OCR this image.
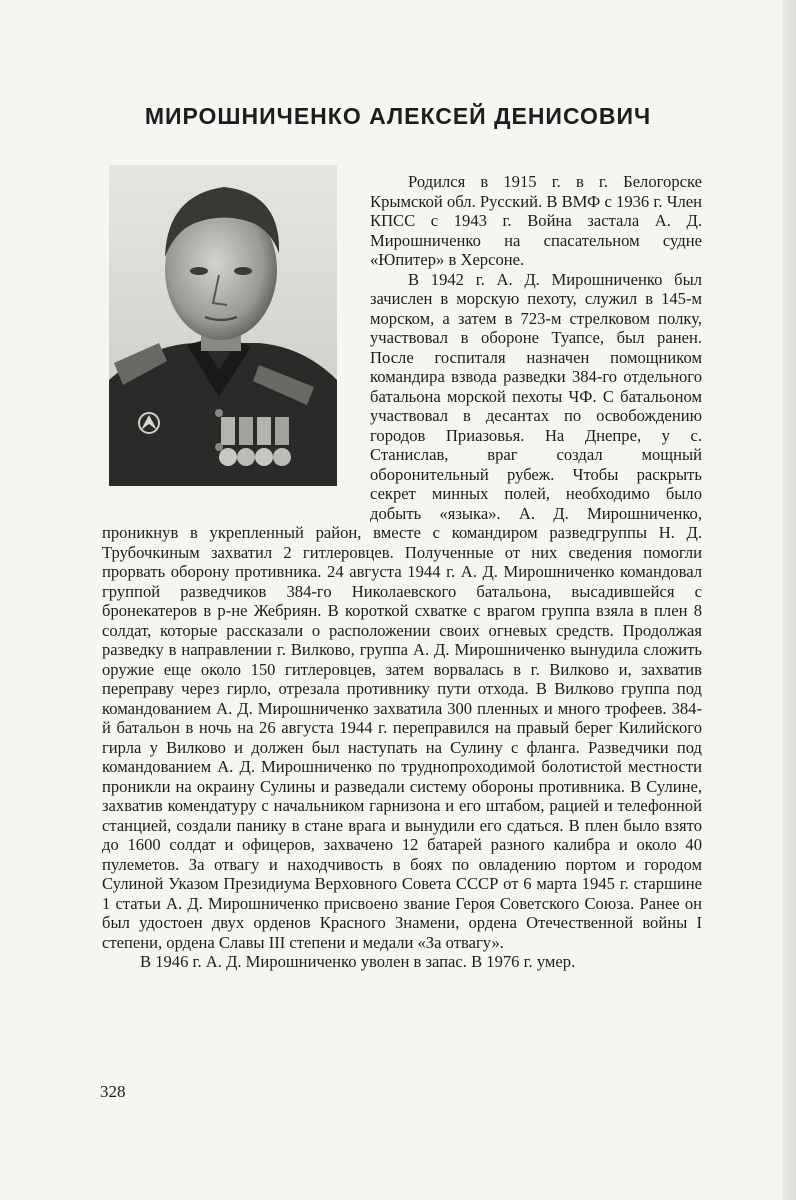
МИРОШНИЧЕНКО АЛЕКСЕЙ ДЕНИСОВИЧ

Родился в 1915 г. в г. Белогорске Крымской обл. Русский. В ВМФ с 1936 г. Член КПСС с 1943 г. Война застала А. Д. Мирошниченко на спасательном судне «Юпитер» в Херсоне.

В 1942 г. А. Д. Мирошниченко был зачислен в морскую пехоту, служил в 145-м морском, а затем в 723-м стрелковом полку, участвовал в обороне Туапсе, был ранен. После госпиталя назначен помощником командира взвода разведки 384-го отдельного батальона морской пехоты ЧФ. С батальоном участвовал в десантах по освобождению городов Приазовья. На Днепре, у с. Станислав, враг создал мощный оборонительный рубеж. Чтобы раскрыть секрет минных полей, необходимо было добыть «языка». А. Д. Мирошниченко, проникнув в укрепленный район, вместе с командиром разведгруппы Н. Д. Трубочкиным захватил 2 гитлеровцев. Полученные от них сведения помогли прорвать оборону противника. 24 августа 1944 г. А. Д. Мирошниченко командовал группой разведчиков 384-го Николаевского батальона, высадившейся с бронекатеров в р-не Жебриян. В короткой схватке с врагом группа взяла в плен 8 солдат, которые рассказали о расположении своих огневых средств. Продолжая разведку в направлении г. Вилково, группа А. Д. Мирошниченко вынудила сложить оружие еще около 150 гитлеровцев, затем ворвалась в г. Вилково и, захватив переправу через гирло, отрезала противнику пути отхода. В Вилково группа под командованием А. Д. Мирошниченко захватила 300 пленных и много трофеев. 384-й батальон в ночь на 26 августа 1944 г. переправился на правый берег Килийского гирла у Вилково и должен был наступать на Сулину с фланга. Разведчики под командованием А. Д. Мирошниченко по труднопроходимой болотистой местности проникли на окраину Сулины и разведали систему обороны противника. В Сулине, захватив комендатуру с начальником гарнизона и его штабом, рацией и телефонной станцией, создали панику в стане врага и вынудили его сдаться. В плен было взято до 1600 солдат и офицеров, захвачено 12 батарей разного калибра и около 40 пулеметов. За отвагу и находчивость в боях по овладению портом и городом Сулиной Указом Президиума Верховного Совета СССР от 6 марта 1945 г. старшине 1 статьи А. Д. Мирошниченко присвоено звание Героя Советского Союза. Ранее он был удостоен двух орденов Красного Знамени, ордена Отечественной войны I степени, ордена Славы III степени и медали «За отвагу».

В 1946 г. А. Д. Мирошниченко уволен в запас. В 1976 г. умер.

328
